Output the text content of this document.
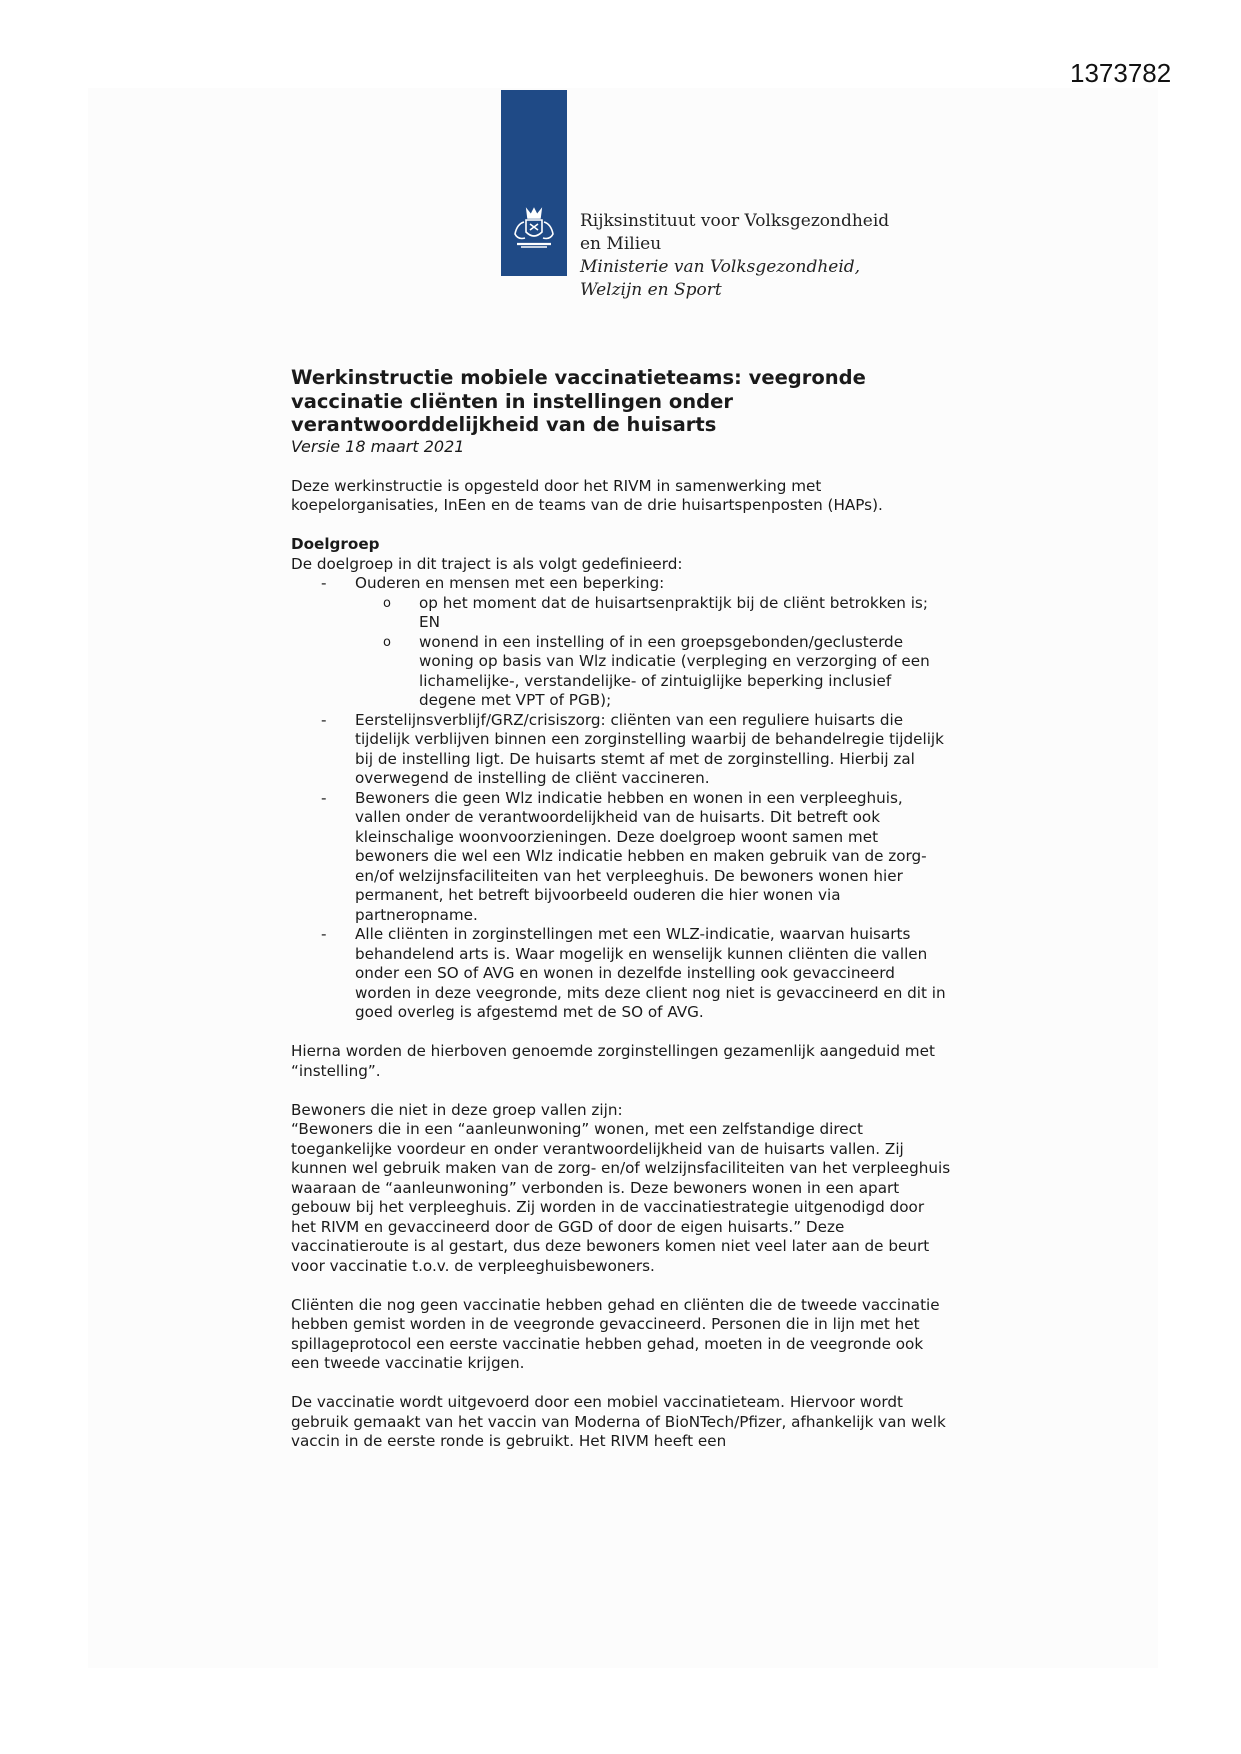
1373782
Rijksinstituut voor Volksgezondheid
en Milieu
Ministerie van Volksgezondheid,
Welzijn en Sport
Werkinstructie mobiele vaccinatieteams: veegronde
vaccinatie cliënten in instellingen onder
verantwoorddelijkheid van de huisarts
Versie 18 maart 2021

Deze werkinstructie is opgesteld door het RIVM in samenwerking met koepelorganisaties, InEen en de teams van de drie huisartspenposten (HAPs).

Doelgroep
De doelgroep in dit traject is als volgt gedefinieerd:
- Ouderen en mensen met een beperking:
o op het moment dat de huisartsenpraktijk bij de cliënt betrokken is; EN
o wonend in een instelling of in een groepsgebonden/geclusterde woning op basis van Wlz indicatie (verpleging en verzorging of een lichamelijke-, verstandelijke- of zintuiglijke beperking inclusief degene met VPT of PGB);
- Eerstelijnsverblijf/GRZ/crisiszorg: cliënten van een reguliere huisarts die tijdelijk verblijven binnen een zorginstelling waarbij de behandelregie tijdelijk bij de instelling ligt. De huisarts stemt af met de zorginstelling. Hierbij zal overwegend de instelling de cliënt vaccineren.
- Bewoners die geen Wlz indicatie hebben en wonen in een verpleeghuis, vallen onder de verantwoordelijkheid van de huisarts. Dit betreft ook kleinschalige woonvoorzieningen. Deze doelgroep woont samen met bewoners die wel een Wlz indicatie hebben en maken gebruik van de zorg- en/of welzijnsfaciliteiten van het verpleeghuis. De bewoners wonen hier permanent, het betreft bijvoorbeeld ouderen die hier wonen via partneropname.
- Alle cliënten in zorginstellingen met een WLZ-indicatie, waarvan huisarts behandelend arts is. Waar mogelijk en wenselijk kunnen cliënten die vallen onder een SO of AVG en wonen in dezelfde instelling ook gevaccineerd worden in deze veegronde, mits deze client nog niet is gevaccineerd en dit in goed overleg is afgestemd met de SO of AVG.

Hierna worden de hierboven genoemde zorginstellingen gezamenlijk aangeduid met “instelling”.

Bewoners die niet in deze groep vallen zijn:
“Bewoners die in een “aanleunwoning” wonen, met een zelfstandige direct toegankelijke voordeur en onder verantwoordelijkheid van de huisarts vallen. Zij kunnen wel gebruik maken van de zorg- en/of welzijnsfaciliteiten van het verpleeghuis waaraan de “aanleunwoning” verbonden is. Deze bewoners wonen in een apart gebouw bij het verpleeghuis. Zij worden in de vaccinatiestrategie uitgenodigd door het RIVM en gevaccineerd door de GGD of door de eigen huisarts.” Deze vaccinatieroute is al gestart, dus deze bewoners komen niet veel later aan de beurt voor vaccinatie t.o.v. de verpleeghuisbewoners.

Cliënten die nog geen vaccinatie hebben gehad en cliënten die de tweede vaccinatie hebben gemist worden in de veegronde gevaccineerd. Personen die in lijn met het spillageprotocol een eerste vaccinatie hebben gehad, moeten in de veegronde ook een tweede vaccinatie krijgen.

De vaccinatie wordt uitgevoerd door een mobiel vaccinatieteam. Hiervoor wordt gebruik gemaakt van het vaccin van Moderna of BioNTech/Pfizer, afhankelijk van welk vaccin in de eerste ronde is gebruikt. Het RIVM heeft een
